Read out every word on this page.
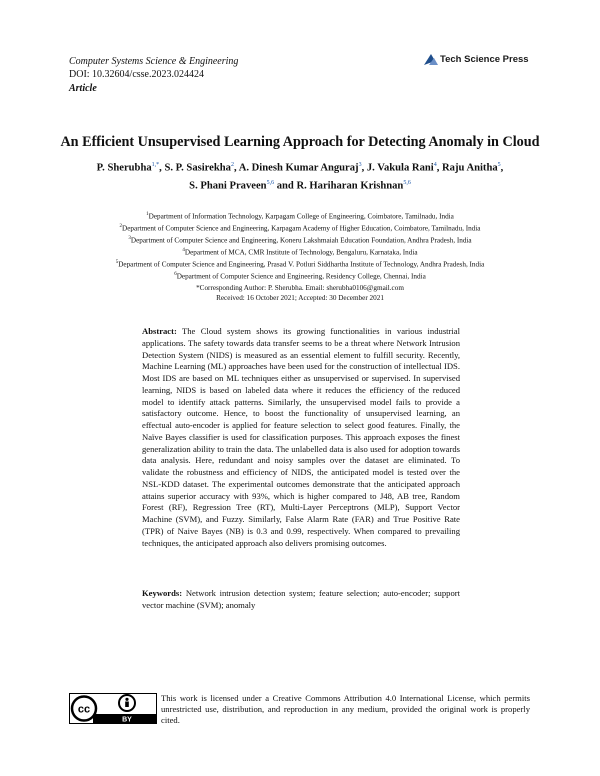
Computer Systems Science & Engineering
DOI: 10.32604/csse.2023.024424
Article
Tech Science Press
An Efficient Unsupervised Learning Approach for Detecting Anomaly in Cloud
P. Sherubha$^{1,*}$, S. P. Sasirekha$^2$, A. Dinesh Kumar Anguraj$^3$, J. Vakula Rani$^4$, Raju Anitha$^5$,
S. Phani Praveen$^{5,6}$ and R. Hariharan Krishnan$^{5,6}$
$^1$Department of Information Technology, Karpagam College of Engineering, Coimbatore, Tamilnadu, India
$^2$Department of Computer Science and Engineering, Karpagam Academy of Higher Education, Coimbatore, Tamilnadu, India
$^3$Department of Computer Science and Engineering, Koneru Lakshmaiah Education Foundation, Andhra Pradesh, India
$^4$Department of MCA, CMR Institute of Technology, Bengaluru, Karnataka, India
$^5$Department of Computer Science and Engineering, Prasad V. Potluri Siddhartha Institute of Technology, Andhra Pradesh, India
$^6$Department of Computer Science and Engineering, Residency College, Chennai, India
*Corresponding Author: P. Sherubha. Email: sherubha0106@gmail.com
Received: 16 October 2021; Accepted: 30 December 2021
Abstract: The Cloud system shows its growing functionalities in various industrial applications. The safety towards data transfer seems to be a threat where Network Intrusion Detection System (NIDS) is measured as an essential element to fulfill security. Recently, Machine Learning (ML) approaches have been used for the construction of intellectual IDS. Most IDS are based on ML techniques either as unsupervised or supervised. In supervised learning, NIDS is based on labeled data where it reduces the efficiency of the reduced model to identify attack patterns. Similarly, the unsupervised model fails to provide a satisfactory outcome. Hence, to boost the functionality of unsupervised learning, an effectual auto-encoder is applied for feature selection to select good features. Finally, the Naïve Bayes classifier is used for classification purposes. This approach exposes the finest generalization ability to train the data. The unlabelled data is also used for adoption towards data analysis. Here, redundant and noisy samples over the dataset are eliminated. To validate the robustness and efficiency of NIDS, the anticipated model is tested over the NSL-KDD dataset. The experimental outcomes demonstrate that the anticipated approach attains superior accuracy with 93%, which is higher compared to J48, AB tree, Random Forest (RF), Regression Tree (RT), Multi-Layer Perceptrons (MLP), Support Vector Machine (SVM), and Fuzzy. Similarly, False Alarm Rate (FAR) and True Positive Rate (TPR) of Naive Bayes (NB) is 0.3 and 0.99, respectively. When compared to prevailing techniques, the anticipated approach also delivers promising outcomes.
Keywords: Network intrusion detection system; feature selection; auto-encoder; support vector machine (SVM); anomaly
cc
BY
This work is licensed under a Creative Commons Attribution 4.0 International License, which permits unrestricted use, distribution, and reproduction in any medium, provided the original work is properly cited.
